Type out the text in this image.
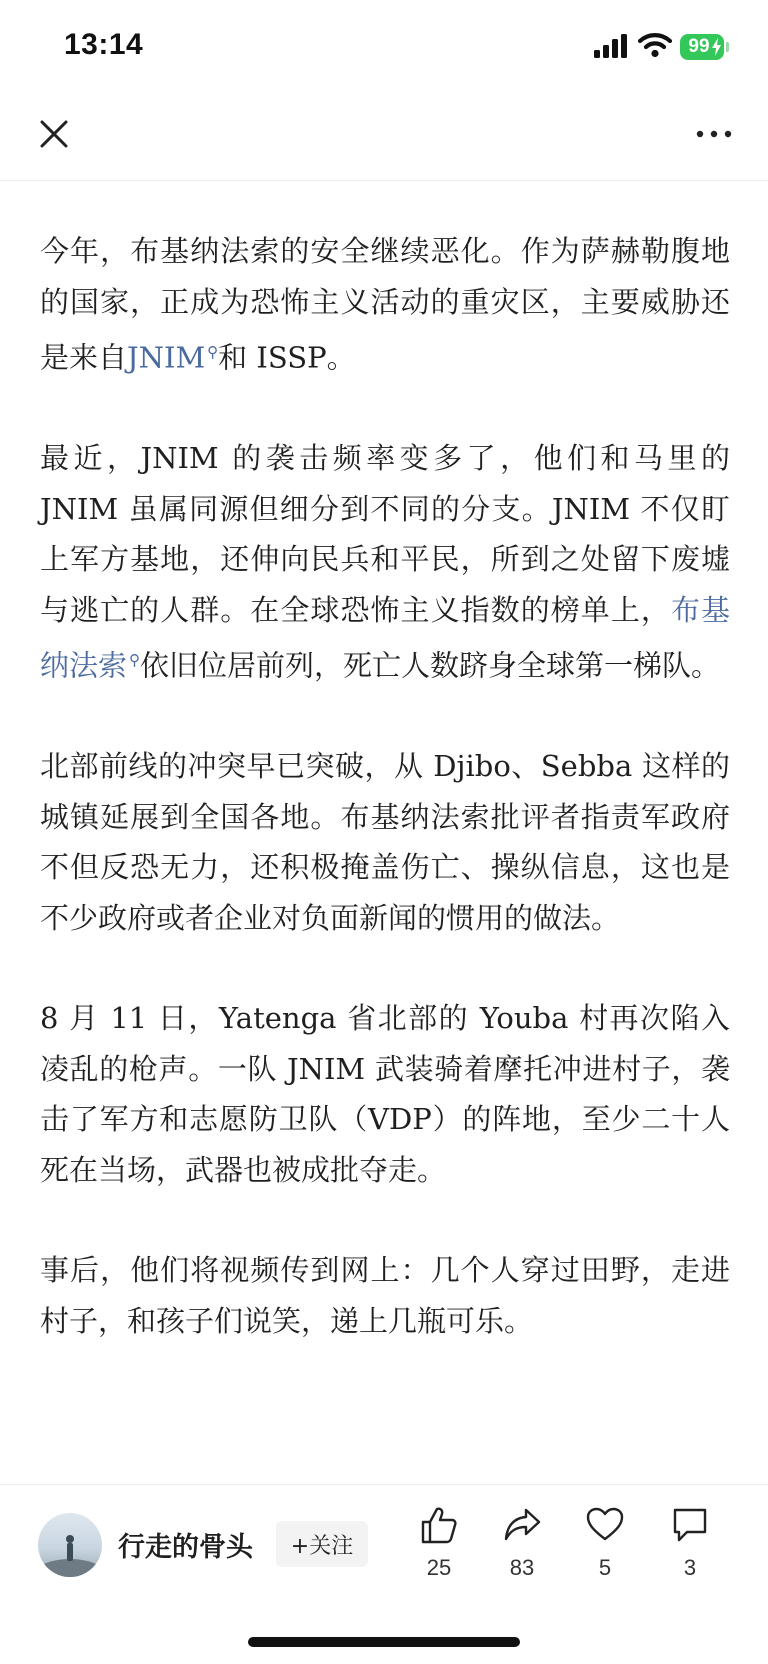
13:14	99

今年，布基纳法索的安全继续恶化。作为萨赫勒腹地的国家，正成为恐怖主义活动的重灾区，主要威胁还是来自JNIM ⚲和 ISSP。

最近，JNIM 的袭击频率变多了，他们和马里的 JNIM 虽属同源但细分到不同的分支。JNIM 不仅盯上军方基地，还伸向民兵和平民，所到之处留下废墟与逃亡的人群。在全球恐怖主义指数的榜单上，布基纳法索 ⚲依旧位居前列，死亡人数跻身全球第一梯队。

北部前线的冲突早已突破，从 Djibo、Sebba 这样的城镇延展到全国各地。布基纳法索批评者指责军政府不但反恐无力，还积极掩盖伤亡、操纵信息，这也是不少政府或者企业对负面新闻的惯用的做法。

8 月 11 日，Yatenga 省北部的 Youba 村再次陷入凌乱的枪声。一队 JNIM 武装骑着摩托冲进村子，袭击了军方和志愿防卫队（VDP）的阵地，至少二十人死在当场，武器也被成批夺走。

事后，他们将视频传到网上：几个人穿过田野，走进村子，和孩子们说笑，递上几瓶可乐。

行走的骨头	+关注
25	83	5	3
